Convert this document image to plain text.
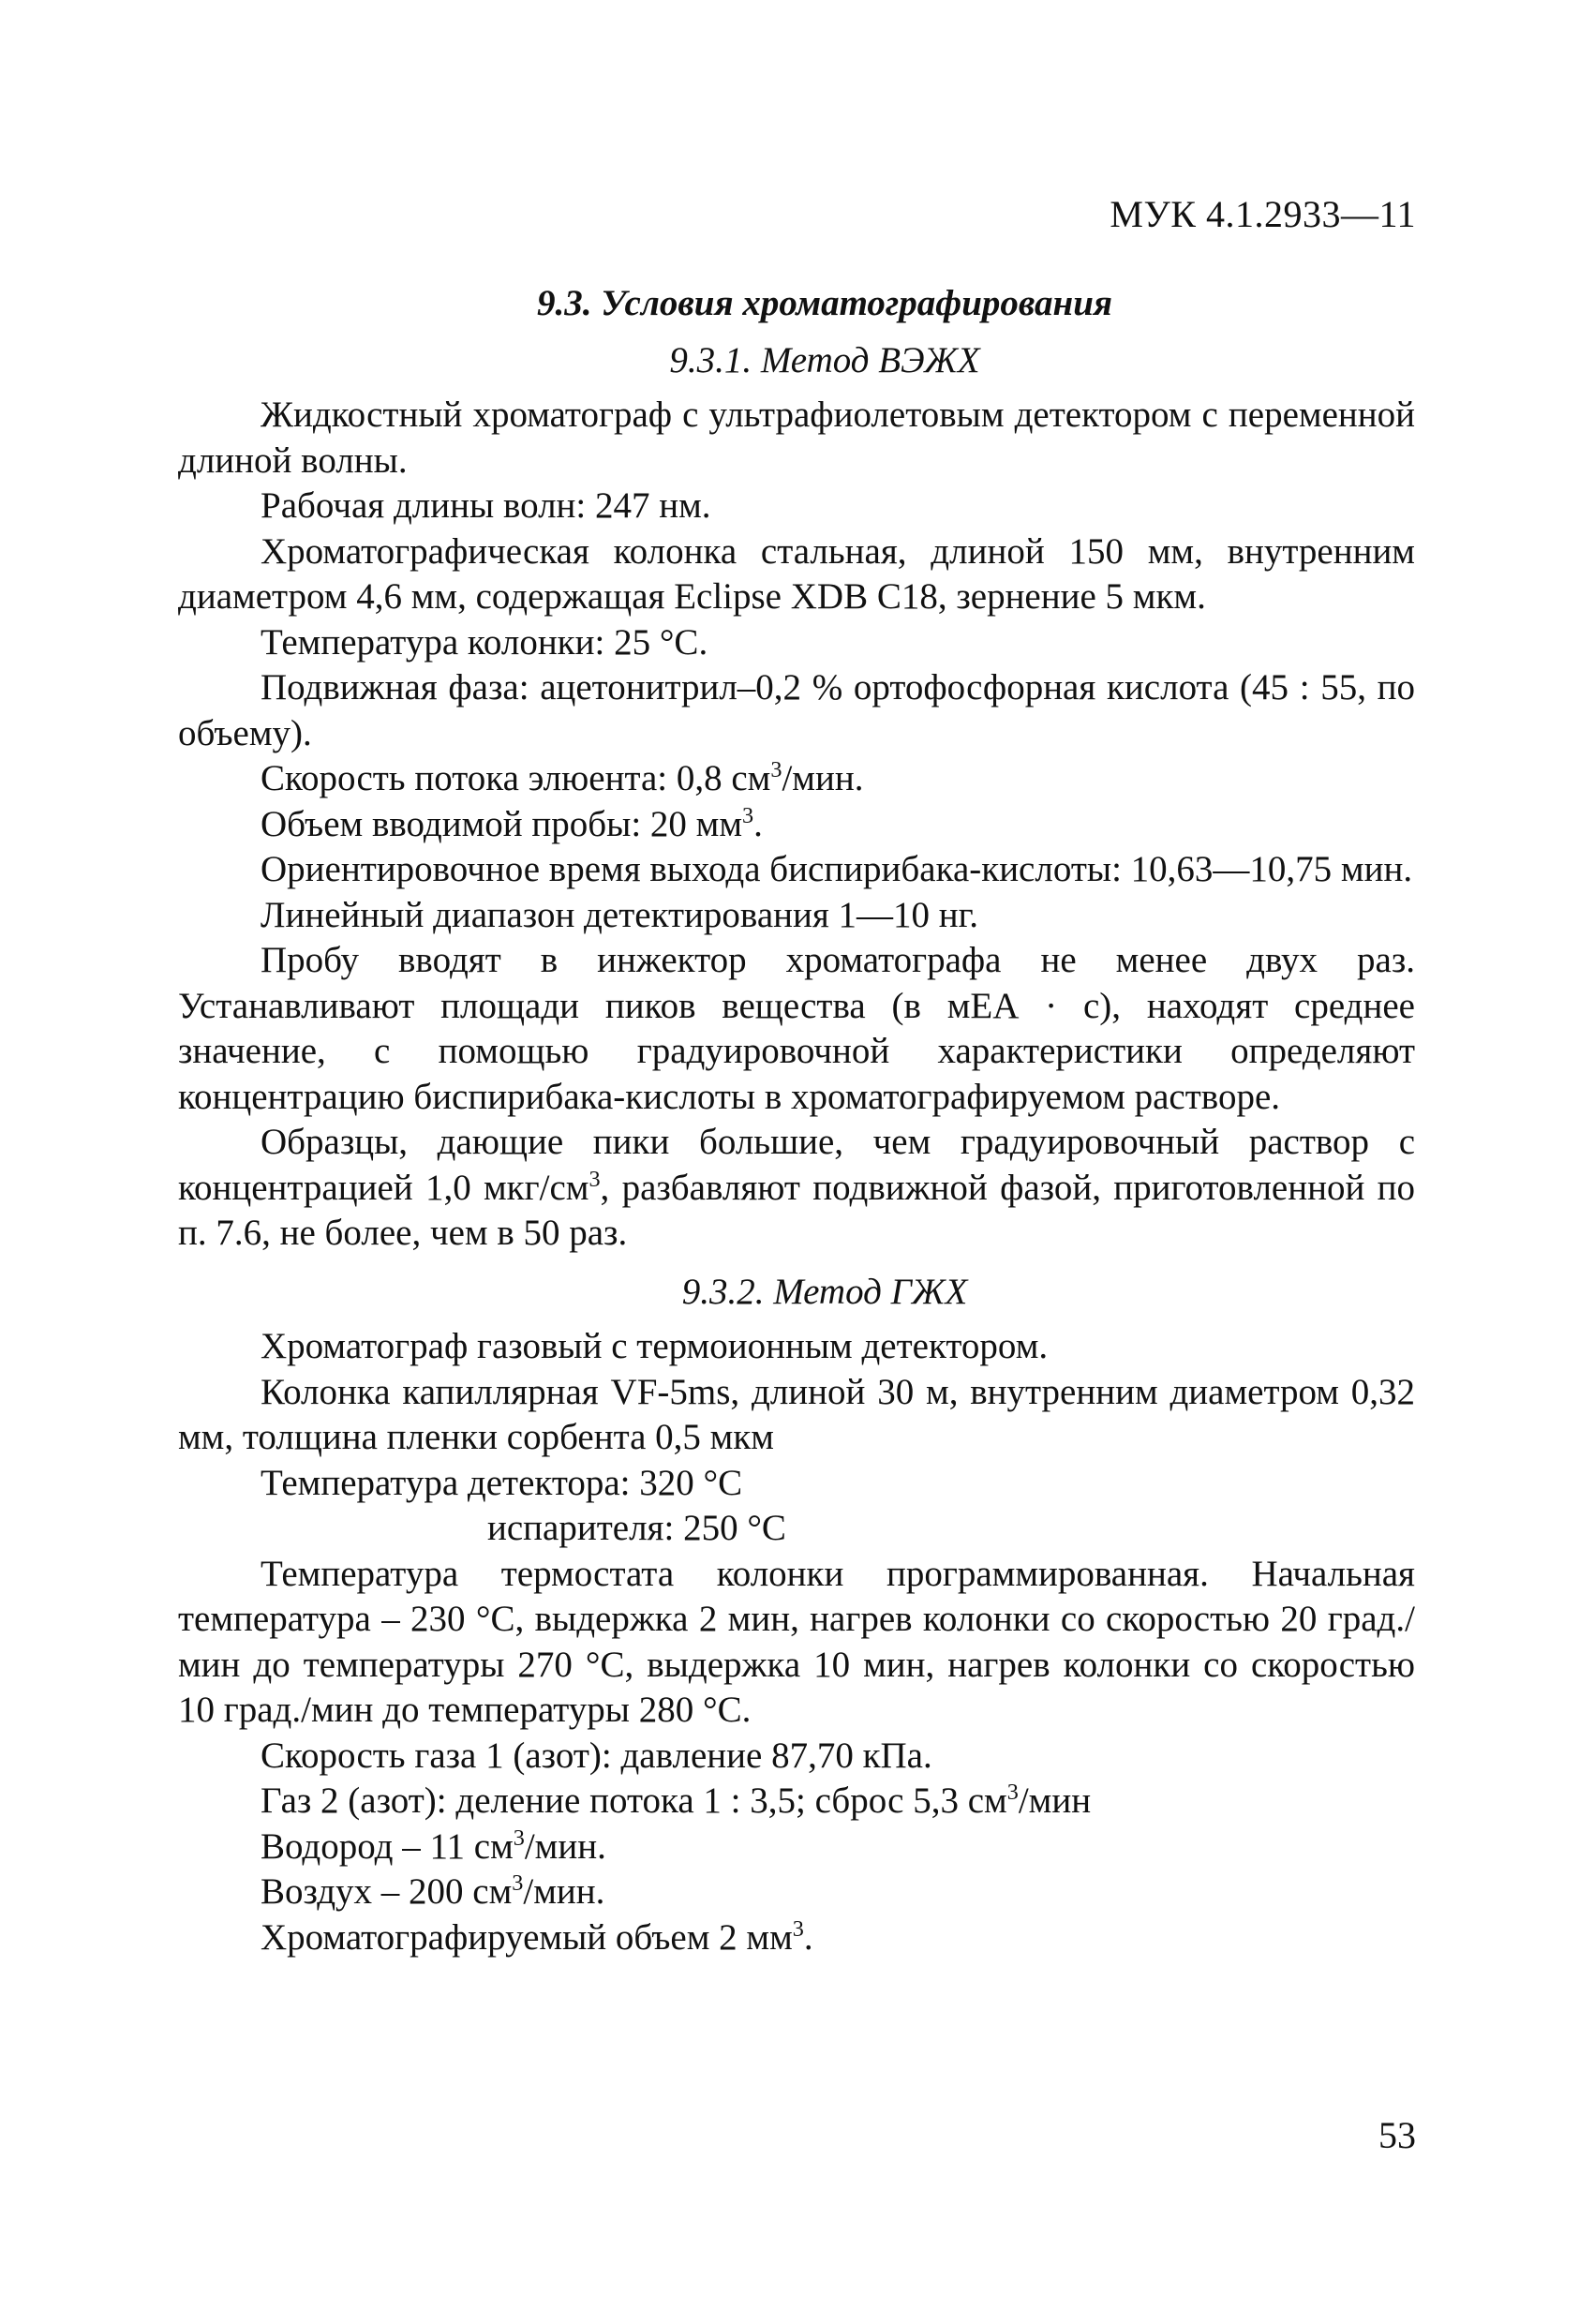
МУК 4.1.2933—11
9.3. Условия хроматографирования
9.3.1. Метод ВЭЖХ

Жидкостный хроматограф с ультрафиолетовым детектором с переменной длиной волны.

Рабочая длины волн: 247 нм.

Хроматографическая колонка стальная, длиной 150 мм, внутренним диаметром 4,6 мм, содержащая Eclipse XDB C18, зернение 5 мкм.

Температура колонки: 25 °С.

Подвижная фаза: ацетонитрил–0,2 % ортофосфорная кислота (45 : 55, по объему).

Скорость потока элюента: 0,8 $см^3$/мин.

Объем вводимой пробы: 20 $мм^3$.

Ориентировочное время выхода биспирибака-кислоты: 10,63—10,75 мин.

Линейный диапазон детектирования 1—10 нг.

Пробу вводят в инжектор хроматографа не менее двух раз. Устанавливают площади пиков вещества (в мЕА · с), находят среднее значение, с помощью градуировочной характеристики определяют концентрацию биспирибака-кислоты в хроматографируемом растворе.

Образцы, дающие пики большие, чем градуировочный раствор с концентрацией 1,0 мкг/$см^3$, разбавляют подвижной фазой, приготовленной по п. 7.6, не более, чем в 50 раз.

9.3.2. Метод ГЖХ

Хроматограф газовый с термоионным детектором.

Колонка капиллярная VF-5ms, длиной 30 м, внутренним диаметром 0,32 мм, толщина пленки сорбента 0,5 мкм

Температура детектора: 320 °С

испарителя: 250 °С

Температура термостата колонки программированная. Начальная температура – 230 °С, выдержка 2 мин, нагрев колонки со скоростью 20 град./мин до температуры 270 °С, выдержка 10 мин, нагрев колонки со скоростью 10 град./мин до температуры 280 °С.

Скорость газа 1 (азот): давление 87,70 кПа.

Газ 2 (азот): деление потока 1 : 3,5; сброс 5,3 $см^3$/мин

Водород – 11 $см^3$/мин.

Воздух – 200 $см^3$/мин.

Хроматографируемый объем 2 $мм^3$.

53
